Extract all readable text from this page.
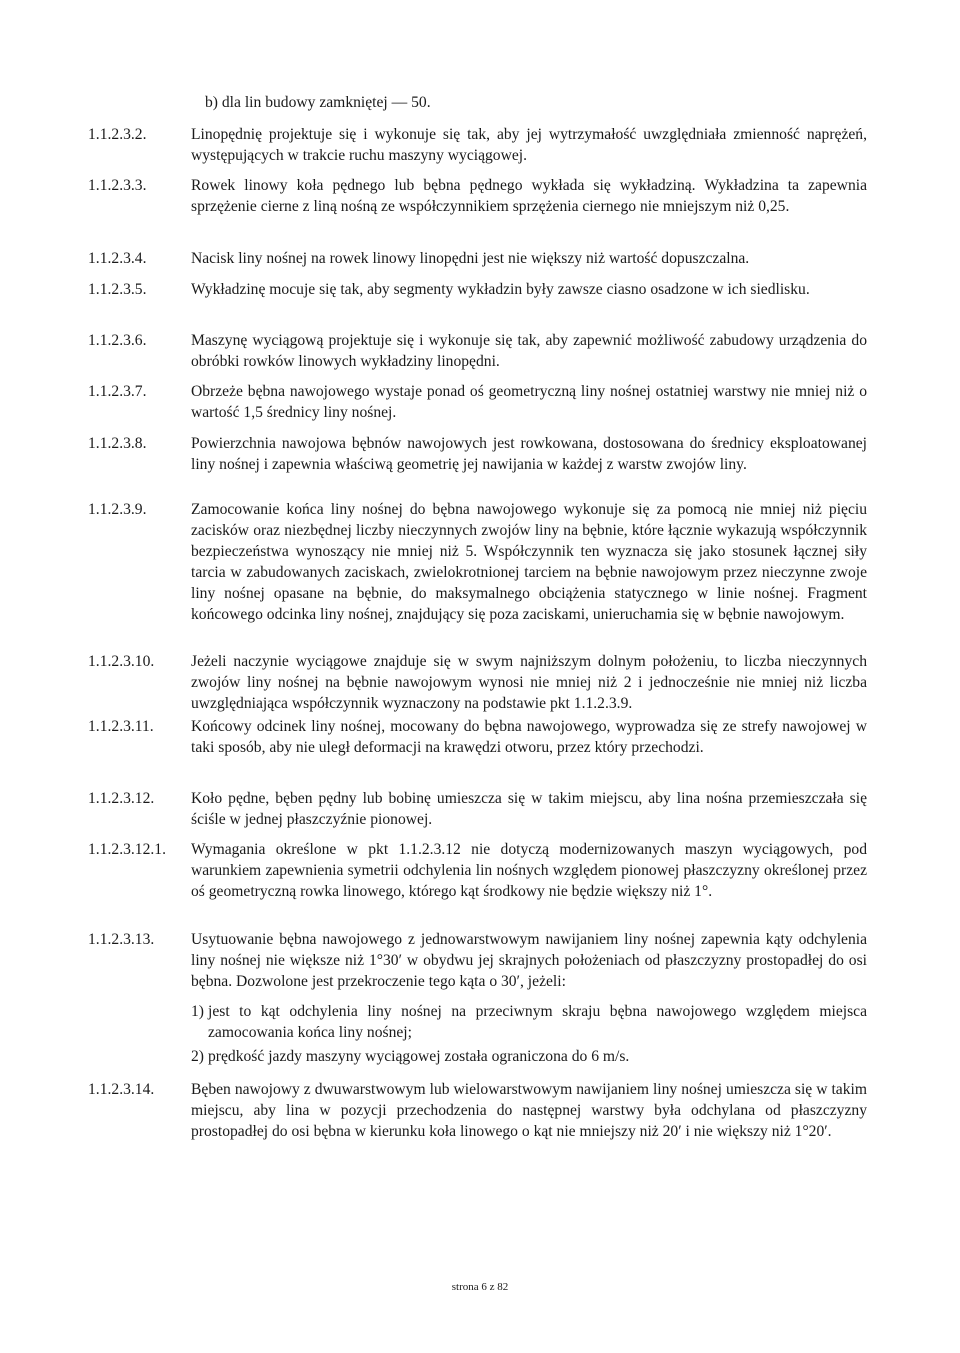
b) dla lin budowy zamkniętej — 50.
1.1.2.3.2.	Linopędnię projektuje się i wykonuje się tak, aby jej wytrzymałość uwzględniała zmienność naprężeń, występujących w trakcie ruchu maszyny wyciągowej.
1.1.2.3.3.	Rowek linowy koła pędnego lub bębna pędnego wykłada się wykładziną. Wykładzina ta zapewnia sprzężenie cierne z liną nośną ze współczynnikiem sprzężenia ciernego nie mniejszym niż 0,25.
1.1.2.3.4.	Nacisk liny nośnej na rowek linowy linopędni jest nie większy niż wartość dopuszczalna.
1.1.2.3.5.	Wykładzinę mocuje się tak, aby segmenty wykładzin były zawsze ciasno osadzone w ich siedlisku.
1.1.2.3.6.	Maszynę wyciągową projektuje się i wykonuje się tak, aby zapewnić możliwość zabudowy urządzenia do obróbki rowków linowych wykładziny linopędni.
1.1.2.3.7.	Obrzeże bębna nawojowego wystaje ponad oś geometryczną liny nośnej ostatniej warstwy nie mniej niż o wartość 1,5 średnicy liny nośnej.
1.1.2.3.8.	Powierzchnia nawojowa bębnów nawojowych jest rowkowana, dostosowana do średnicy eksploatowanej liny nośnej i zapewnia właściwą geometrię jej nawijania w każdej z warstw zwojów liny.
1.1.2.3.9.	Zamocowanie końca liny nośnej do bębna nawojowego wykonuje się za pomocą nie mniej niż pięciu zacisków oraz niezbędnej liczby nieczynnych zwojów liny na bębnie, które łącznie wykazują współczynnik bezpieczeństwa wynoszący nie mniej niż 5. Współczynnik ten wyznacza się jako stosunek łącznej siły tarcia w zabudowanych zaciskach, zwielokrotnionej tarciem na bębnie nawojowym przez nieczynne zwoje liny nośnej opasane na bębnie, do maksymalnego obciążenia statycznego w linie nośnej. Fragment końcowego odcinka liny nośnej, znajdujący się poza zaciskami, unieruchamia się w bębnie nawojowym.
1.1.2.3.10. Jeżeli naczynie wyciągowe znajduje się w swym najniższym dolnym położeniu, to liczba nieczynnych zwojów liny nośnej na bębnie nawojowym wynosi nie mniej niż 2 i jednocześnie nie mniej niż liczba uwzględniająca współczynnik wyznaczony na podstawie pkt 1.1.2.3.9.
1.1.2.3.11. Końcowy odcinek liny nośnej, mocowany do bębna nawojowego, wyprowadza się ze strefy nawojowej w taki sposób, aby nie uległ deformacji na krawędzi otworu, przez który przechodzi.
1.1.2.3.12. Koło pędne, bęben pędny lub bobinę umieszcza się w takim miejscu, aby lina nośna przemieszczała się ściśle w jednej płaszczyźnie pionowej.
1.1.2.3.12.1. Wymagania określone w pkt 1.1.2.3.12 nie dotyczą modernizowanych maszyn wyciągowych, pod warunkiem zapewnienia symetrii odchylenia lin nośnych względem pionowej płaszczyzny określonej przez oś geometryczną rowka linowego, którego kąt środkowy nie będzie większy niż 1°.
1.1.2.3.13. Usytuowanie bębna nawojowego z jednowarstwowym nawijaniem liny nośnej zapewnia kąty odchylenia liny nośnej nie większe niż 1°30′ w obydwu jej skrajnych położeniach od płaszczyzny prostopadłej do osi bębna. Dozwolone jest przekroczenie tego kąta o 30′, jeżeli:
1) jest to kąt odchylenia liny nośnej na przeciwnym skraju bębna nawojowego względem miejsca zamocowania końca liny nośnej;
2) prędkość jazdy maszyny wyciągowej została ograniczona do 6 m/s.
1.1.2.3.14. Bęben nawojowy z dwuwarstwowym lub wielowarstwowym nawijaniem liny nośnej umieszcza się w takim miejscu, aby lina w pozycji przechodzenia do następnej warstwy była odchylana od płaszczyzny prostopadłej do osi bębna w kierunku koła linowego o kąt nie mniejszy niż 20′ i nie większy niż 1°20′.
strona 6 z 82
